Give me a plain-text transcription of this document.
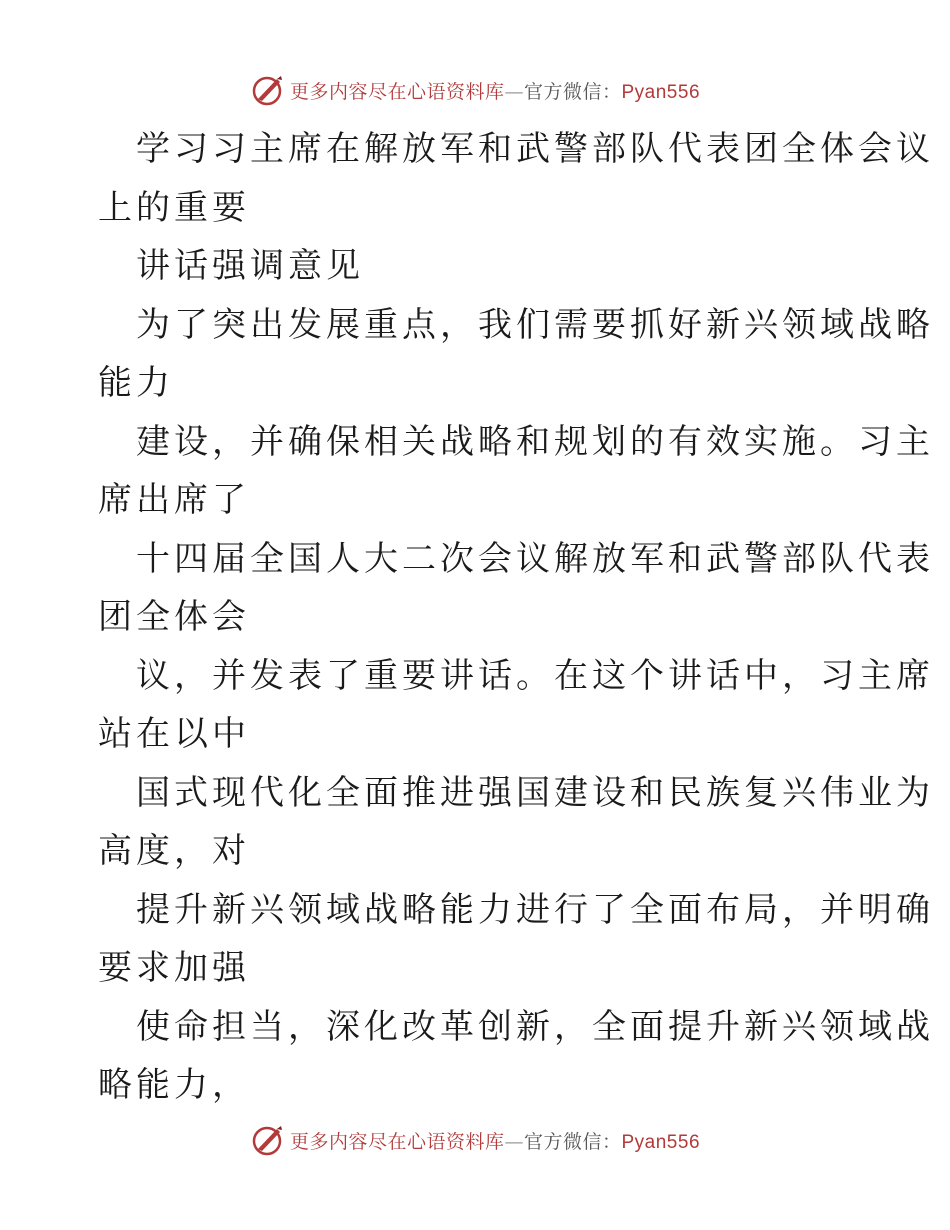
更多内容尽在心语资料库—官方微信：Pyan556
学习习主席在解放军和武警部队代表团全体会议
上的重要
讲话强调意见
为了突出发展重点，我们需要抓好新兴领域战略
能力
建设，并确保相关战略和规划的有效实施。习主
席出席了
十四届全国人大二次会议解放军和武警部队代表
团全体会
议，并发表了重要讲话。在这个讲话中，习主席
站在以中
国式现代化全面推进强国建设和民族复兴伟业为
高度，对
提升新兴领域战略能力进行了全面布局，并明确
要求加强
使命担当，深化改革创新，全面提升新兴领域战
略能力，
更多内容尽在心语资料库—官方微信：Pyan556
